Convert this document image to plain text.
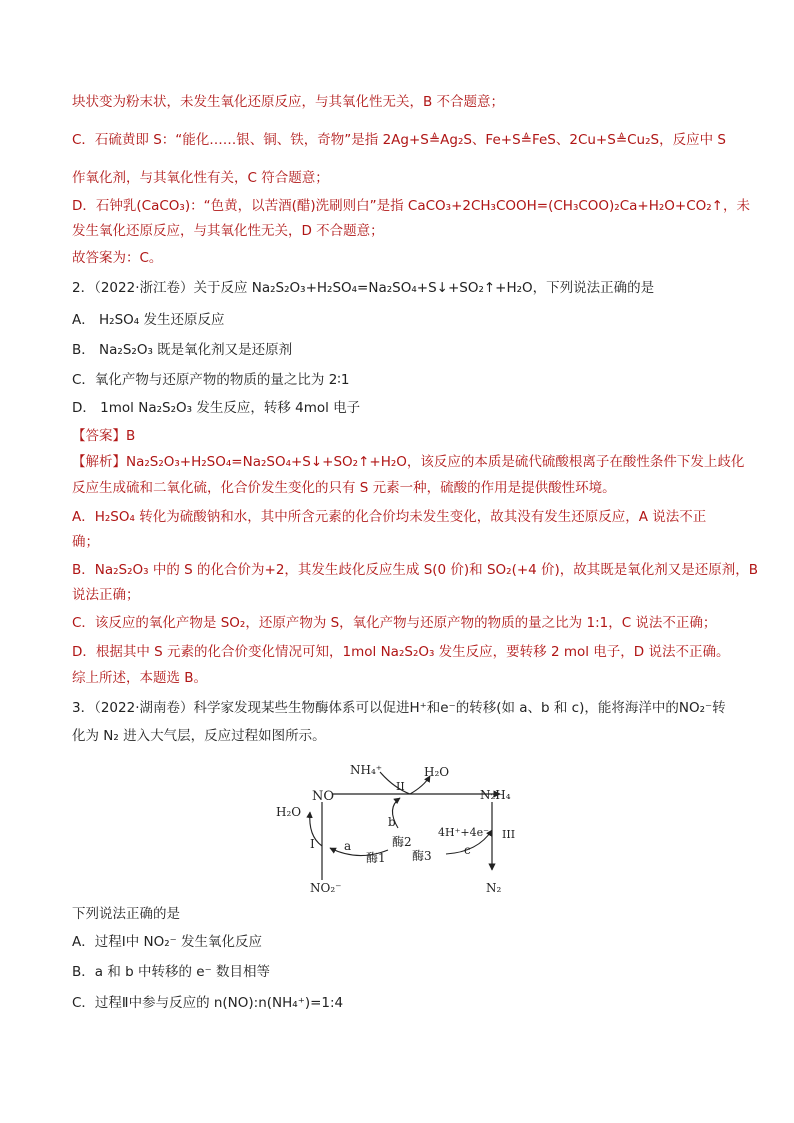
块状变为粉末状，未发生氧化还原反应，与其氧化性无关，B 不合题意；
C．石硫黄即 S：“能化……银、铜、铁，奇物”是指 2Ag+S≜Ag₂S、Fe+S≜FeS、2Cu+S≜Cu₂S，反应中 S
作氧化剂，与其氧化性有关，C 符合题意；
D．石钟乳(CaCO₃)：“色黄，以苦酒(醋)洗刷则白”是指 CaCO₃+2CH₃COOH=(CH₃COO)₂Ca+H₂O+CO₂↑，未
发生氧化还原反应，与其氧化性无关，D 不合题意；
故答案为：C。
2．（2022·浙江卷）关于反应 Na₂S₂O₃+H₂SO₄=Na₂SO₄+S↓+SO₂↑+H₂O，下列说法正确的是
A． H₂SO₄ 发生还原反应
B． Na₂S₂O₃ 既是氧化剂又是还原剂
C．氧化产物与还原产物的物质的量之比为 2∶1
D． 1mol Na₂S₂O₃ 发生反应，转移 4mol 电子
【答案】B
【解析】Na₂S₂O₃+H₂SO₄=Na₂SO₄+S↓+SO₂↑+H₂O，该反应的本质是硫代硫酸根离子在酸性条件下发上歧化
反应生成硫和二氧化硫，化合价发生变化的只有 S 元素一种，硫酸的作用是提供酸性环境。
A．H₂SO₄ 转化为硫酸钠和水，其中所含元素的化合价均未发生变化，故其没有发生还原反应，A 说法不正
确；
B．Na₂S₂O₃ 中的 S 的化合价为+2，其发生歧化反应生成 S(0 价)和 SO₂(+4 价)，故其既是氧化剂又是还原剂，B
说法正确；
C．该反应的氧化产物是 SO₂，还原产物为 S，氧化产物与还原产物的物质的量之比为 1:1，C 说法不正确；
D．根据其中 S 元素的化合价变化情况可知，1mol Na₂S₂O₃ 发生反应，要转移 2 mol 电子，D 说法不正确。
综上所述，本题选 B。
3．（2022·湖南卷）科学家发现某些生物酶体系可以促进H⁺和e⁻的转移(如 a、b 和 c)，能将海洋中的NO₂⁻转
化为 N₂ 进入大气层，反应过程如图所示。
NO
NH₄⁺	H₂O
II
N₂H₄
H₂O
I a
b
酶2
酶1 酶3
4H⁺+4e⁻
c
III
NO₂⁻	N₂
下列说法正确的是
A．过程Ⅰ中 NO₂⁻ 发生氧化反应
B．a 和 b 中转移的 e⁻ 数目相等
C．过程Ⅱ中参与反应的 n(NO):n(NH₄⁺)=1:4
